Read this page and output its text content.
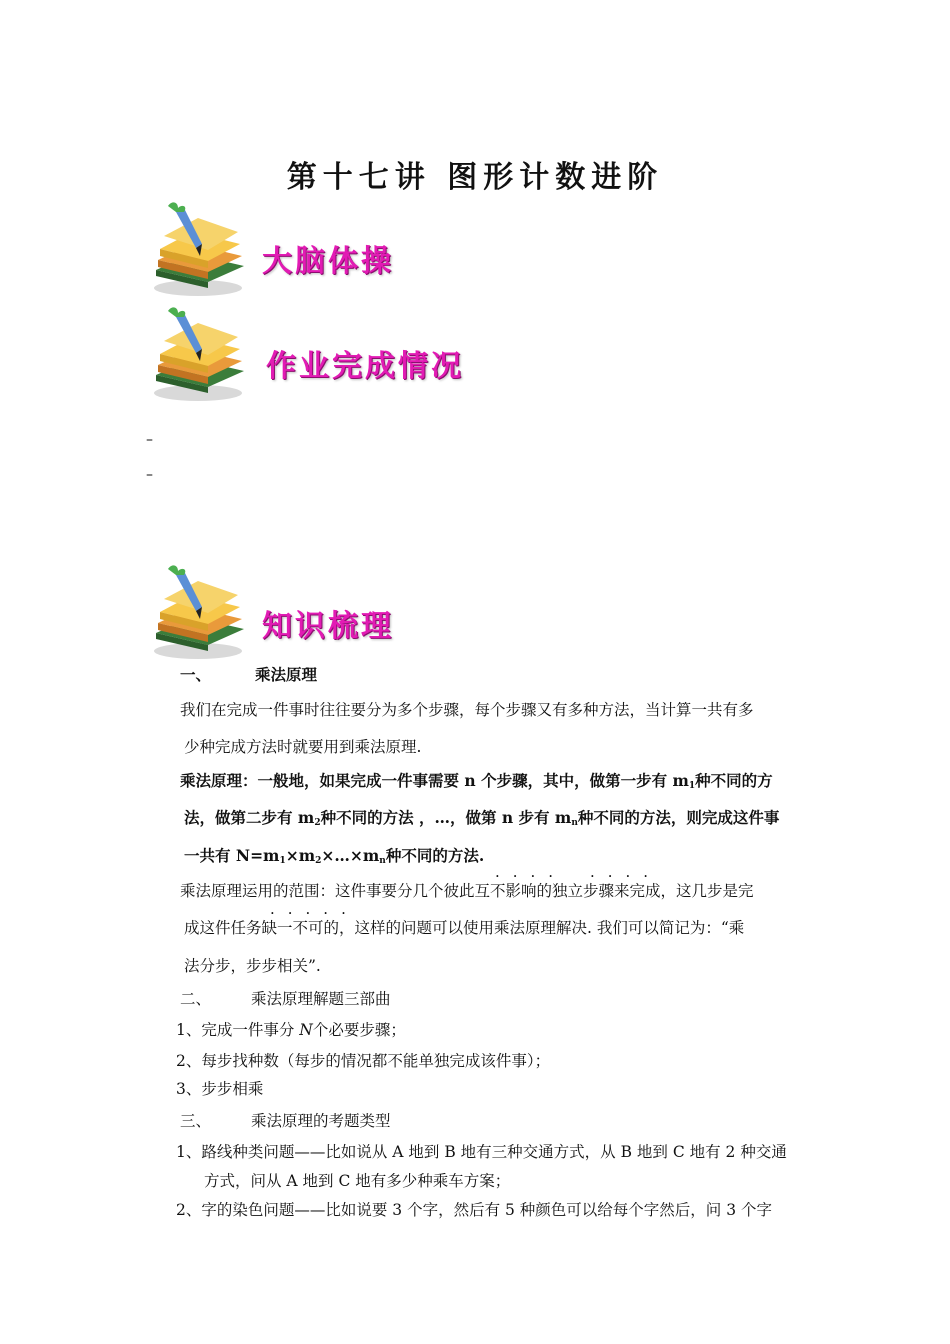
第十七讲 图形计数进阶
大脑体操
作业完成情况
–
–
知识梳理
一、	乘法原理
我们在完成一件事时往往要分为多个步骤，每个步骤又有多种方法，当计算一共有多
少种完成方法时就要用到乘法原理.
乘法原理：一般地，如果完成一件事需要 n 个步骤，其中，做第一步有 $m_1$种不同的方
法，做第二步有 $m_2$种不同的方法 ，…，做第 n 步有 $m_n$种不同的方法，则完成这件事
一共有 $N=m_1\times m_2\times\dots\times m_n$种不同的方法.
···· ····
乘法原理运用的范围：这件事要分几个彼此互不影响的独立步骤来完成，这几步是完
·····
成这件任务缺一不可的，这样的问题可以使用乘法原理解决. 我们可以简记为：“乘
法分步，步步相关”.
二、	乘法原理解题三部曲
1、完成一件事分 N个必要步骤；
2、每步找种数（每步的情况都不能单独完成该件事）；
3、步步相乘
三、	乘法原理的考题类型
1、路线种类问题——比如说从 A 地到 B 地有三种交通方式，从 B 地到 C 地有 2 种交通
方式，问从 A 地到 C 地有多少种乘车方案；
2、字的染色问题——比如说要 3 个字，然后有 5 种颜色可以给每个字然后，问 3 个字
